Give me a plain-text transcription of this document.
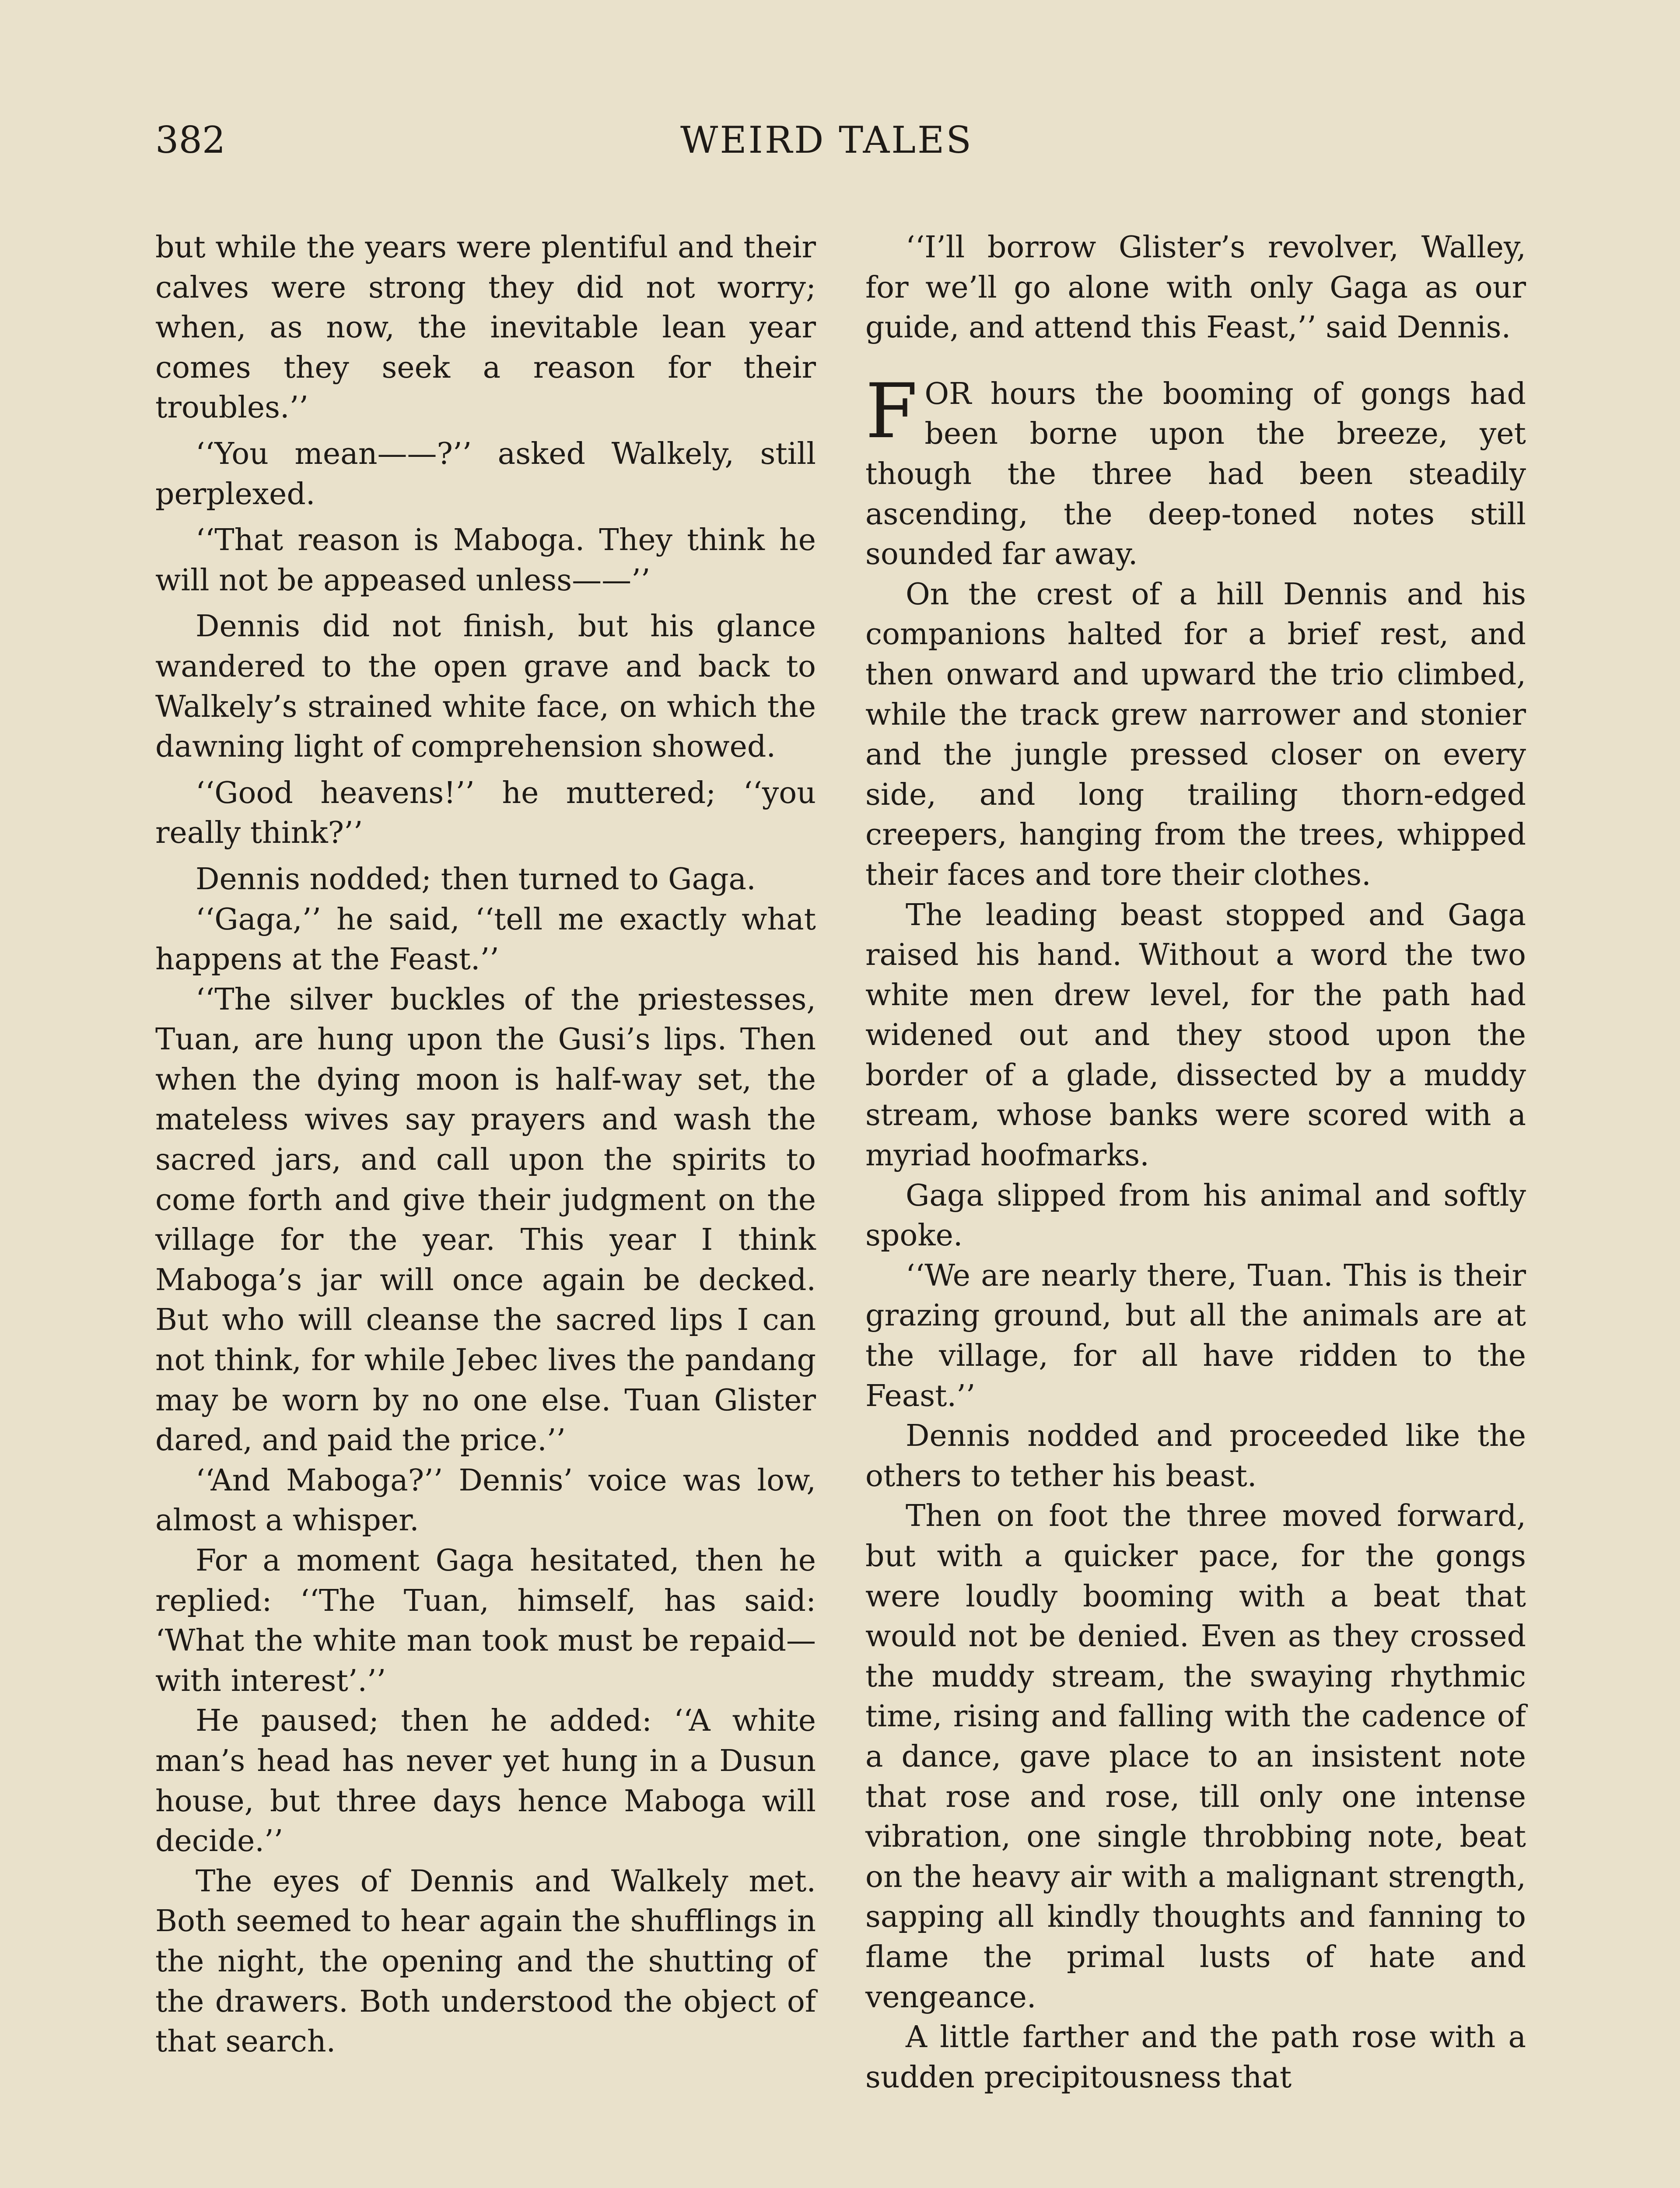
382	WEIRD TALES

but while the years were plentiful and their calves were strong they did not worry; when, as now, the inevitable lean year comes they seek a reason for their troubles.’’

‘‘You mean——?’’ asked Walkely, still perplexed.

‘‘That reason is Maboga. They think he will not be appeased unless——’’

Dennis did not finish, but his glance wandered to the open grave and back to Walkely’s strained white face, on which the dawning light of comprehension showed.

‘‘Good heavens!’’ he muttered; ‘‘you really think?’’

Dennis nodded; then turned to Gaga.

‘‘Gaga,’’ he said, ‘‘tell me exactly what happens at the Feast.’’

‘‘The silver buckles of the priestesses, Tuan, are hung upon the Gusi’s lips. Then when the dying moon is half-way set, the mateless wives say prayers and wash the sacred jars, and call upon the spirits to come forth and give their judgment on the village for the year. This year I think Maboga’s jar will once again be decked. But who will cleanse the sacred lips I can not think, for while Jebec lives the pandang may be worn by no one else. Tuan Glister dared, and paid the price.’’

‘‘And Maboga?’’ Dennis’ voice was low, almost a whisper.

For a moment Gaga hesitated, then he replied: ‘‘The Tuan, himself, has said: ‘What the white man took must be repaid—with interest’.’’

He paused; then he added: ‘‘A white man’s head has never yet hung in a Dusun house, but three days hence Maboga will decide.’’

The eyes of Dennis and Walkely met. Both seemed to hear again the shufflings in the night, the opening and the shutting of the drawers. Both understood the object of that search.

‘‘I’ll borrow Glister’s revolver, Walley, for we’ll go alone with only Gaga as our guide, and attend this Feast,’’ said Dennis.

FOR hours the booming of gongs had been borne upon the breeze, yet though the three had been steadily ascending, the deep-toned notes still sounded far away.

On the crest of a hill Dennis and his companions halted for a brief rest, and then onward and upward the trio climbed, while the track grew narrower and stonier and the jungle pressed closer on every side, and long trailing thorn-edged creepers, hanging from the trees, whipped their faces and tore their clothes.

The leading beast stopped and Gaga raised his hand. Without a word the two white men drew level, for the path had widened out and they stood upon the border of a glade, dissected by a muddy stream, whose banks were scored with a myriad hoofmarks.

Gaga slipped from his animal and softly spoke.

‘‘We are nearly there, Tuan. This is their grazing ground, but all the animals are at the village, for all have ridden to the Feast.’’

Dennis nodded and proceeded like the others to tether his beast.

Then on foot the three moved forward, but with a quicker pace, for the gongs were loudly booming with a beat that would not be denied. Even as they crossed the muddy stream, the swaying rhythmic time, rising and falling with the cadence of a dance, gave place to an insistent note that rose and rose, till only one intense vibration, one single throbbing note, beat on the heavy air with a malignant strength, sapping all kindly thoughts and fanning to flame the primal lusts of hate and vengeance.

A little farther and the path rose with a sudden precipitousness that
